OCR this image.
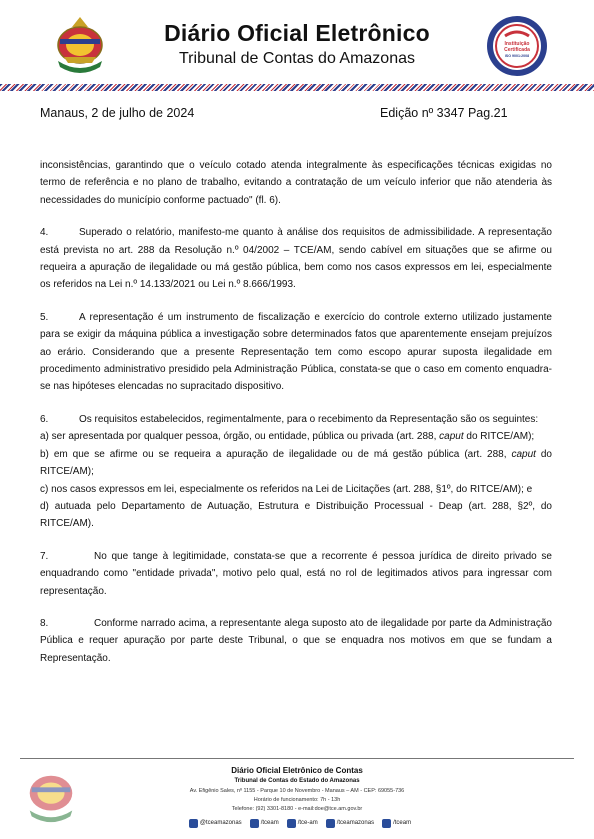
Diário Oficial Eletrônico
Tribunal de Contas do Amazonas
Instituição
Certificada
ISO 9001:2008
Manaus, 2 de julho de 2024	Edição nº 3347 Pag.21

inconsistências, garantindo que o veículo cotado atenda integralmente às especificações técnicas exigidas no termo de referência e no plano de trabalho, evitando a contratação de um veículo inferior que não atenderia às necessidades do município conforme pactuado" (fl. 6).

4.	Superado o relatório, manifesto-me quanto à análise dos requisitos de admissibilidade. A representação está prevista no art. 288 da Resolução n.º 04/2002 – TCE/AM, sendo cabível em situações que se afirme ou requeira a apuração de ilegalidade ou má gestão pública, bem como nos casos expressos em lei, especialmente os referidos na Lei n.º 14.133/2021 ou Lei n.º 8.666/1993.

5.	A representação é um instrumento de fiscalização e exercício do controle externo utilizado justamente para se exigir da máquina pública a investigação sobre determinados fatos que aparentemente ensejam prejuízos ao erário. Considerando que a presente Representação tem como escopo apurar suposta ilegalidade em procedimento administrativo presidido pela Administração Pública, constata-se que o caso em comento enquadra-se nas hipóteses elencadas no supracitado dispositivo.

6.	Os requisitos estabelecidos, regimentalmente, para o recebimento da Representação são os seguintes:

a) ser apresentada por qualquer pessoa, órgão, ou entidade, pública ou privada (art. 288, caput do RITCE/AM);

b) em que se afirme ou se requeira a apuração de ilegalidade ou de má gestão pública (art. 288, caput do RITCE/AM);

c) nos casos expressos em lei, especialmente os referidos na Lei de Licitações (art. 288, §1º, do RITCE/AM); e

d) autuada pelo Departamento de Autuação, Estrutura e Distribuição Processual - Deap (art. 288, §2º, do RITCE/AM).

7.	No que tange à legitimidade, constata-se que a recorrente é pessoa jurídica de direito privado se enquadrando como "entidade privada", motivo pelo qual, está no rol de legitimados ativos para ingressar com representação.

8.	Conforme narrado acima, a representante alega suposto ato de ilegalidade por parte da Administração Pública e requer apuração por parte deste Tribunal, o que se enquadra nos motivos em que se fundam a Representação.

Diário Oficial Eletrônico de Contas
Tribunal de Contas do Estado do Amazonas
Av. Efigênio Sales, nº 1155 - Parque 10 de Novembro - Manaus – AM - CEP: 69055-736
Horário de funcionamento: 7h - 13h
Telefone: (92) 3301-8180 - e-mail:doe@tce.am.gov.br
@tceamazonas	/tceam	/tce-am	/tceamazonas	/tceam
